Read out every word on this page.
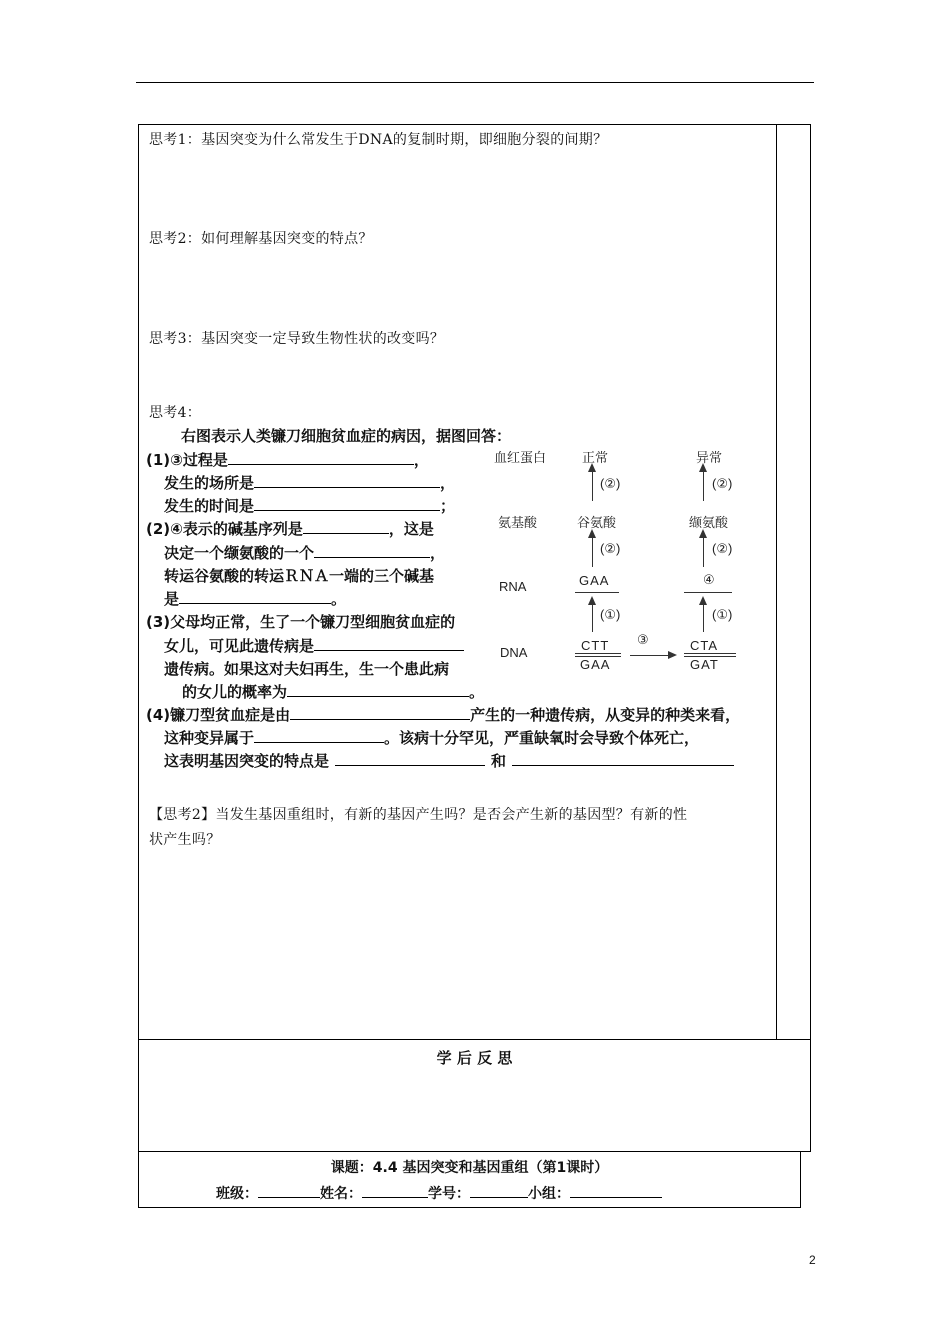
思考1：基因突变为什么常发生于DNA的复制时期，即细胞分裂的间期？
思考2：如何理解基因突变的特点？
思考3：基因突变一定导致生物性状的改变吗？
思考4：
右图表示人类镰刀细胞贫血症的病因，据图回答：
(1)③过程是	，
发生的场所是	，
发生的时间是	；
(2)④表示的碱基序列是	，这是
决定一个缬氨酸的一个	，
转运谷氨酸的转运ＲＮＡ一端的三个碱基
是	。
(3)父母均正常，生了一个镰刀型细胞贫血症的
女儿，可见此遗传病是
遗传病。如果这对夫妇再生，生一个患此病
的女儿的概率为	。
(4)镰刀型贫血症是由	产生的一种遗传病，从变异的种类来看，
这种变异属于	。该病十分罕见，严重缺氧时会导致个体死亡，
这表明基因突变的特点是	和
血红蛋白
氨基酸
RNA
DNA
正常	异常
(②)	(②)
谷氨酸	缬氨酸
(②)	(②)
GAA	④
(①)	(①)
CTT
GAA
③	CTA
GAT
【思考2】当发生基因重组时，有新的基因产生吗？是否会产生新的基因型？有新的性
状产生吗？
学 后 反 思
课题：4.4 基因突变和基因重组（第1课时）
班级：	姓名：	学号：	小组：
2
